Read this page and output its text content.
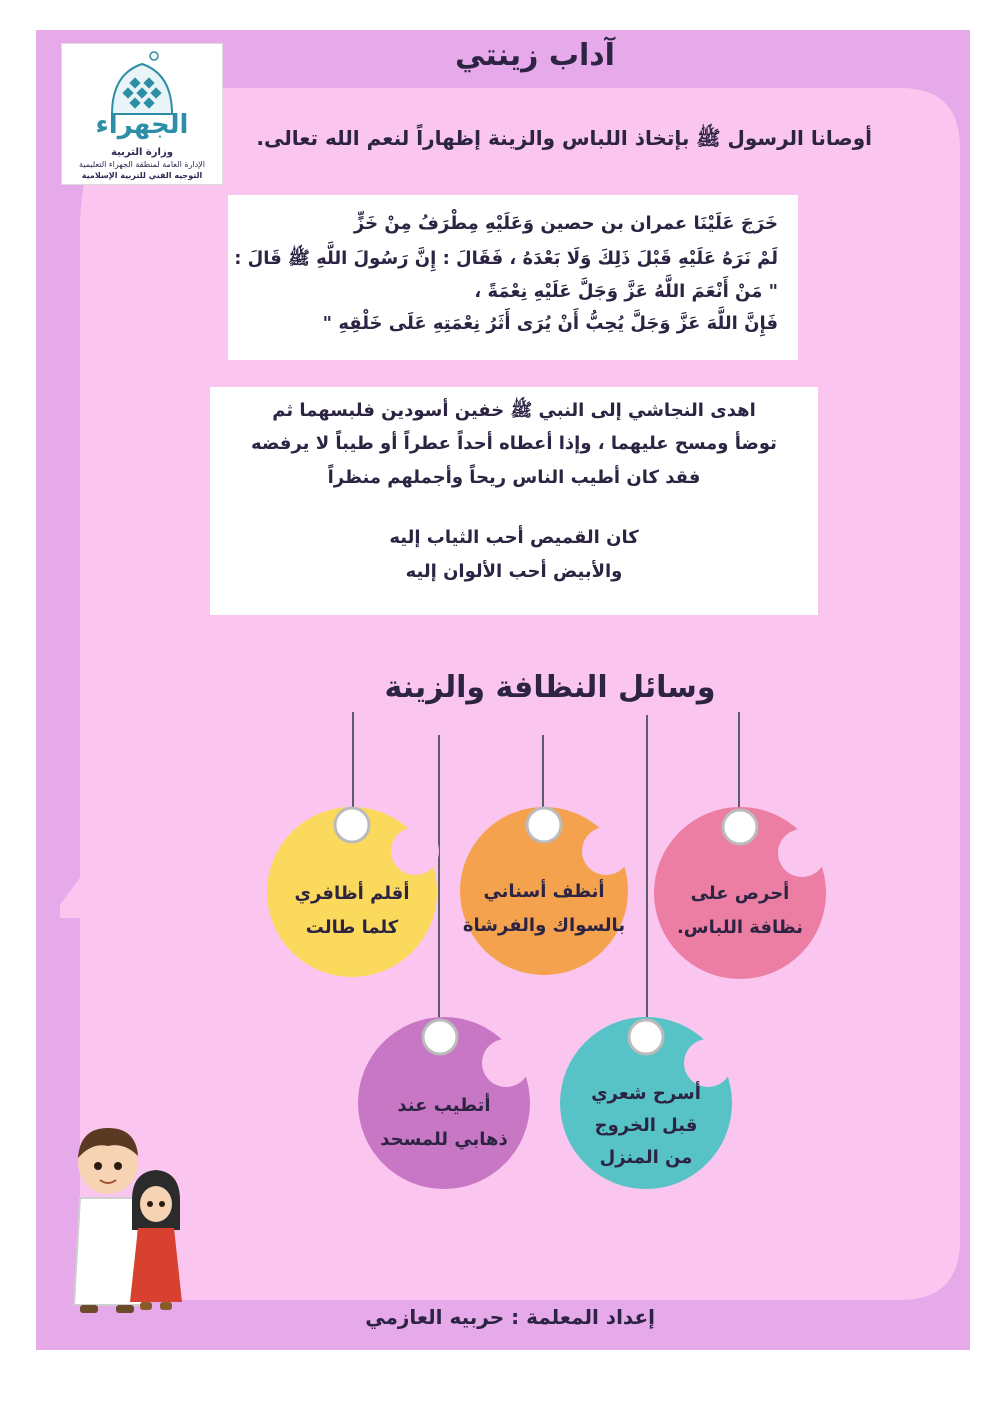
آداب زينتي
الجهراء
وزارة التربية
الإدارة العامة لمنطقة الجهراء التعليمية
التوجيه الفني للتربية الإسلامية
أوصانا الرسول ﷺ بإتخاذ اللباس والزينة إظهاراً لنعم الله تعالى.
خَرَجَ عَلَيْنَا عمران بن حصين وَعَلَيْهِ مِطْرَفُ مِنْ خَزٍّ
لَمْ نَرَهُ عَلَيْهِ قَبْلَ ذَلِكَ وَلَا بَعْدَهُ ، فَقَالَ : إِنَّ رَسُولَ اللَّهِ ﷺ قَالَ :
" مَنْ أَنْعَمَ اللَّهُ عَزَّ وَجَلَّ عَلَيْهِ نِعْمَةً ،
فَإِنَّ اللَّهَ عَزَّ وَجَلَّ يُحِبُّ أَنْ يُرَى أَثَرُ نِعْمَتِهِ عَلَى خَلْقِهِ "
اهدى النجاشي إلى النبي ﷺ خفين أسودين فلبسهما ثم
توضأ ومسح عليهما ، وإذا أعطاه أحداً عطراً أو طيباً لا يرفضه
فقد كان أطيب الناس ريحاً وأجملهم منظراً
كان القميص أحب الثياب إليه
والأبيض أحب الألوان إليه
وسائل النظافة والزينة
أحرص على
نظافة اللباس.
أنظف أسناني
بالسواك والفرشاة
أقلم أظافري
كلما طالت
أسرح شعري
قبل الخروج
من المنزل
أتطيب عند
ذهابي للمسحد
إعداد المعلمة : حربيه العازمي
